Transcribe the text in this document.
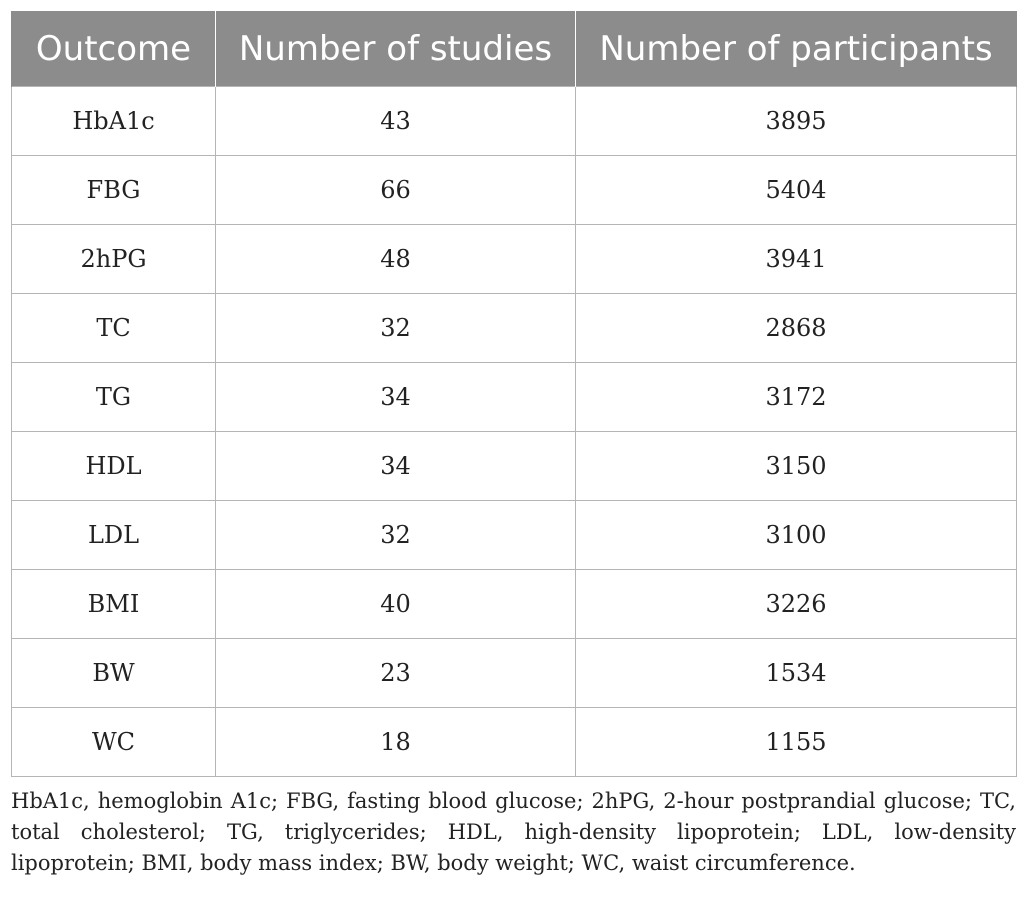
Outcome	Number of studies	Number of participants
HbA1c	43	3895
FBG	66	5404
2hPG	48	3941
TC	32	2868
TG	34	3172
HDL	34	3150
LDL	32	3100
BMI	40	3226
BW	23	1534
WC	18	1155

HbA1c, hemoglobin A1c; FBG, fasting blood glucose; 2hPG, 2-hour postprandial glucose; TC, total cholesterol; TG, triglycerides; HDL, high-density lipoprotein; LDL, low-density lipoprotein; BMI, body mass index; BW, body weight; WC, waist circumference.
